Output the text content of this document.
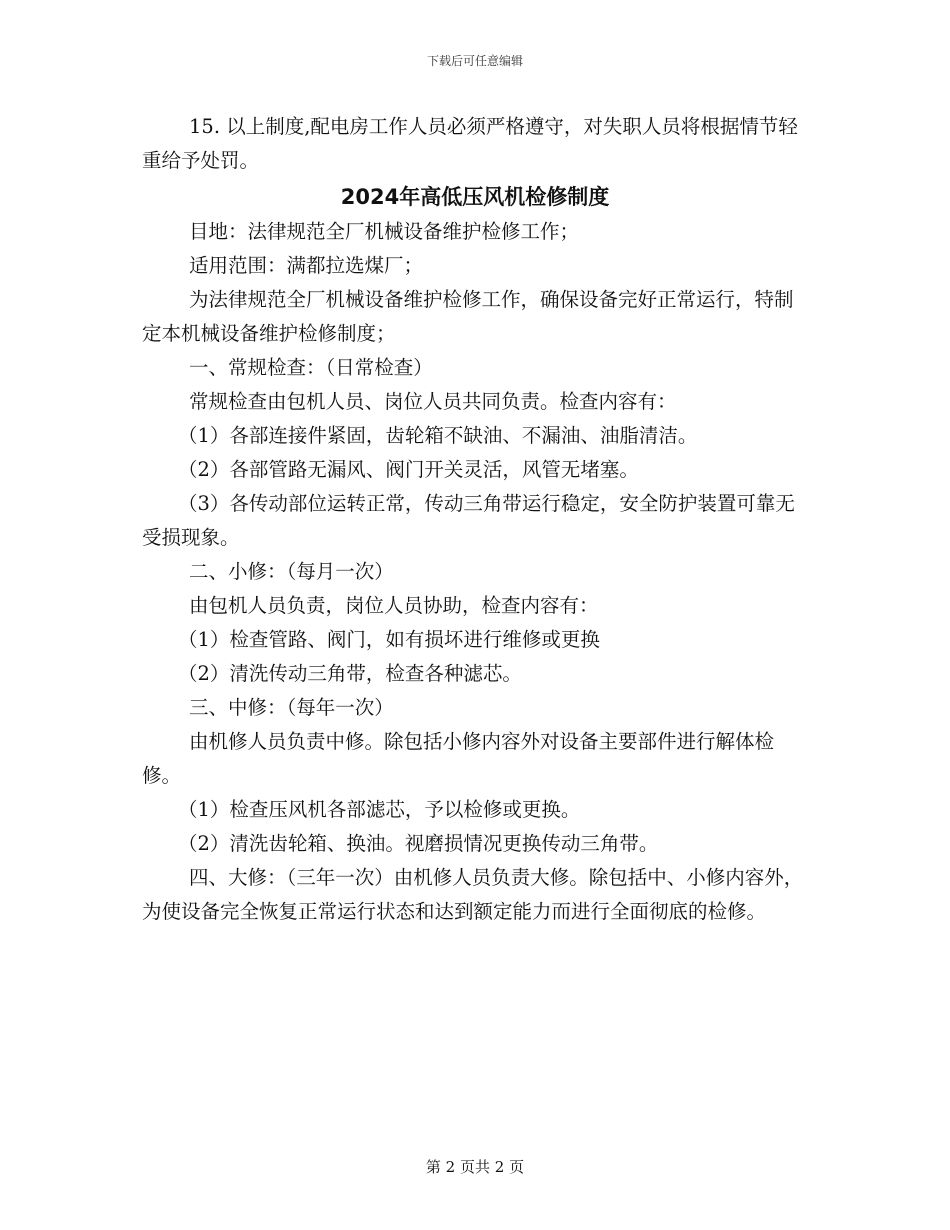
下载后可任意编辑

15. 以上制度,配电房工作人员必须严格遵守，对失职人员将根据情节轻重给予处罚。

2024年高低压风机检修制度

目地：法律规范全厂机械设备维护检修工作；

适用范围：满都拉选煤厂；

为法律规范全厂机械设备维护检修工作，确保设备完好正常运行，特制定本机械设备维护检修制度；

一、常规检查：（日常检查）

常规检查由包机人员、岗位人员共同负责。检查内容有：

（1）各部连接件紧固，齿轮箱不缺油、不漏油、油脂清洁。

（2）各部管路无漏风、阀门开关灵活，风管无堵塞。

（3）各传动部位运转正常，传动三角带运行稳定，安全防护装置可靠无受损现象。

二、小修：（每月一次）

由包机人员负责，岗位人员协助，检查内容有：

（1）检查管路、阀门，如有损坏进行维修或更换

（2）清洗传动三角带，检查各种滤芯。

三、中修：（每年一次）

由机修人员负责中修。除包括小修内容外对设备主要部件进行解体检修。

（1）检查压风机各部滤芯，予以检修或更换。

（2）清洗齿轮箱、换油。视磨损情况更换传动三角带。

四、大修：（三年一次）由机修人员负责大修。除包括中、小修内容外，为使设备完全恢复正常运行状态和达到额定能力而进行全面彻底的检修。

第 2 页共 2 页
